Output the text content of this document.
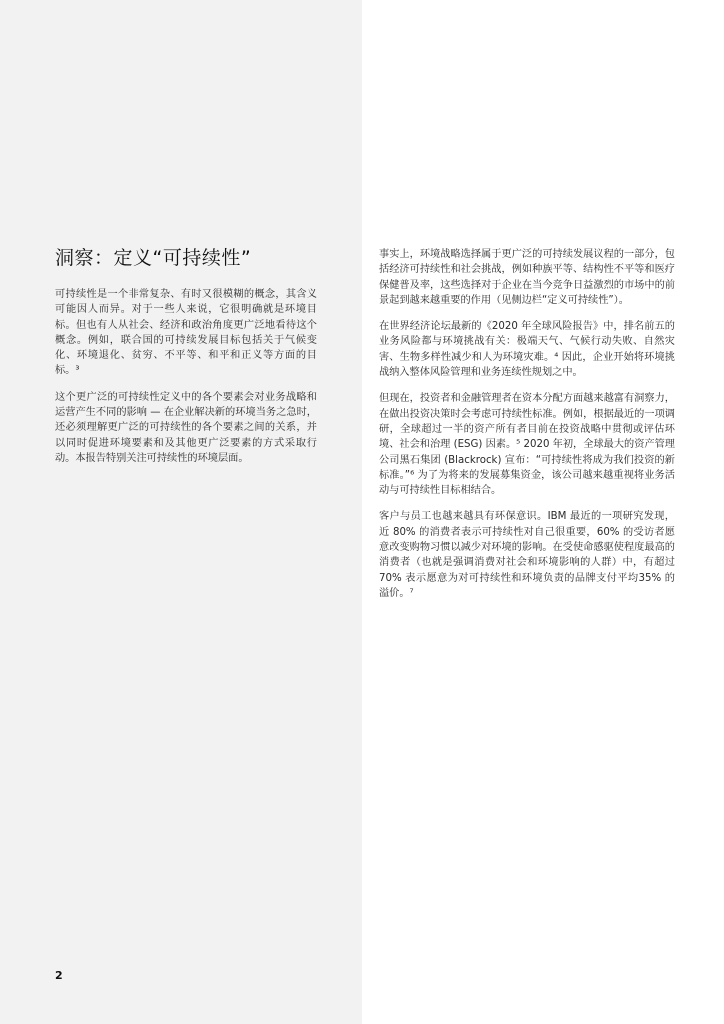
洞察：定义“可持续性”

可持续性是一个非常复杂、有时又很模糊的概念，其含义可能因人而异。对于一些人来说，它很明确就是环境目标。但也有人从社会、经济和政治角度更广泛地看待这个概念。例如，联合国的可持续发展目标包括关于气候变化、环境退化、贫穷、不平等、和平和正义等方面的目标。³

这个更广泛的可持续性定义中的各个要素会对业务战略和运营产生不同的影响 — 在企业解决新的环境当务之急时，还必须理解更广泛的可持续性的各个要素之间的关系，并以同时促进环境要素和及其他更广泛要素的方式采取行动。本报告特别关注可持续性的环境层面。

事实上，环境战略选择属于更广泛的可持续发展议程的一部分，包括经济可持续性和社会挑战，例如种族平等、结构性不平等和医疗保健普及率，这些选择对于企业在当今竞争日益激烈的市场中的前景起到越来越重要的作用（见侧边栏“定义可持续性”）。

在世界经济论坛最新的《2020 年全球风险报告》中，排名前五的业务风险都与环境挑战有关：极端天气、气候行动失败、自然灾害、生物多样性减少和人为环境灾难。⁴ 因此，企业开始将环境挑战纳入整体风险管理和业务连续性规划之中。

但现在，投资者和金融管理者在资本分配方面越来越富有洞察力，在做出投资决策时会考虑可持续性标准。例如，根据最近的一项调研，全球超过一半的资产所有者目前在投资战略中贯彻或评估环境、社会和治理 (ESG) 因素。⁵ 2020 年初，全球最大的资产管理公司黑石集团 (Blackrock) 宣布：“可持续性将成为我们投资的新标准。”⁶ 为了为将来的发展募集资金，该公司越来越重视将业务活动与可持续性目标相结合。

客户与员工也越来越具有环保意识。IBM 最近的一项研究发现，近 80% 的消费者表示可持续性对自己很重要，60% 的受访者愿意改变购物习惯以减少对环境的影响。在受使命感驱使程度最高的消费者（也就是强调消费对社会和环境影响的人群）中，有超过 70% 表示愿意为对可持续性和环境负责的品牌支付平均35% 的溢价。⁷

2
